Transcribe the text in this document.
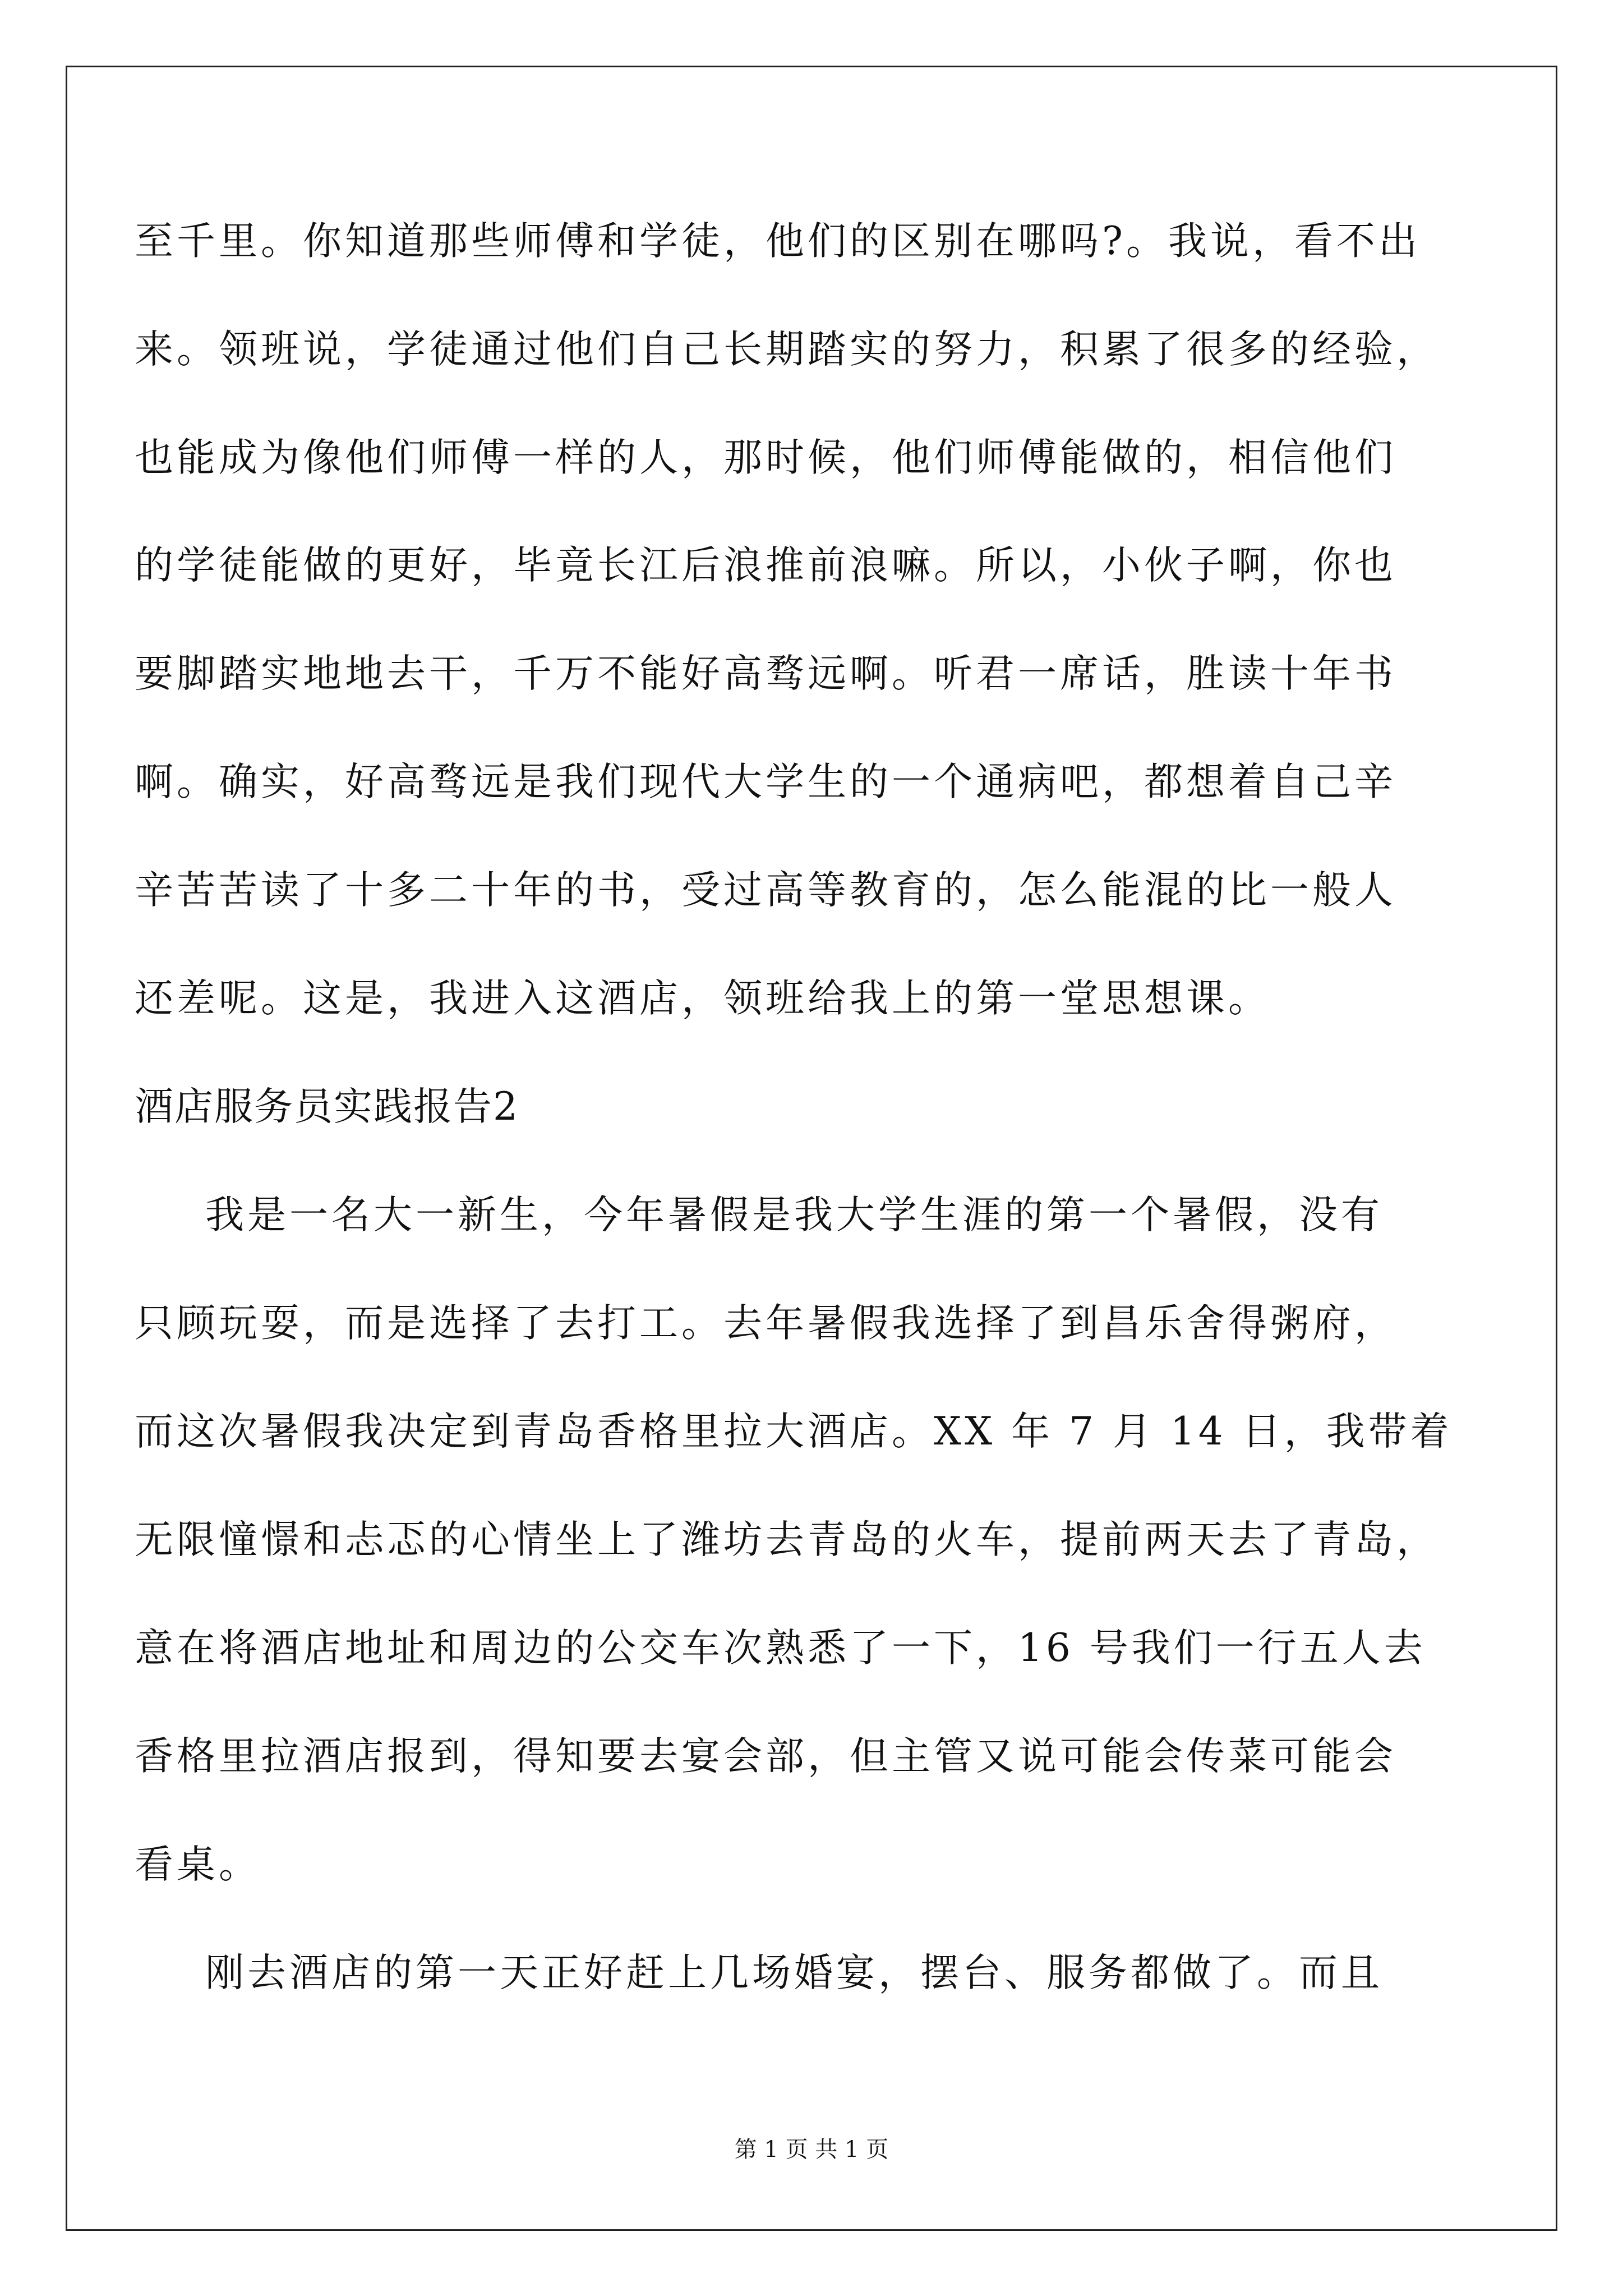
至千里。你知道那些师傅和学徒，他们的区别在哪吗?。我说，看不出
来。领班说，学徒通过他们自己长期踏实的努力，积累了很多的经验，
也能成为像他们师傅一样的人，那时候，他们师傅能做的，相信他们
的学徒能做的更好，毕竟长江后浪推前浪嘛。所以，小伙子啊，你也
要脚踏实地地去干，千万不能好高骛远啊。听君一席话，胜读十年书
啊。确实，好高骛远是我们现代大学生的一个通病吧，都想着自己辛
辛苦苦读了十多二十年的书，受过高等教育的，怎么能混的比一般人
还差呢。这是，我进入这酒店，领班给我上的第一堂思想课。
酒店服务员实践报告2
我是一名大一新生，今年暑假是我大学生涯的第一个暑假，没有
只顾玩耍，而是选择了去打工。去年暑假我选择了到昌乐舍得粥府，
而这次暑假我决定到青岛香格里拉大酒店。XX 年 7 月 14 日，我带着
无限憧憬和忐忑的心情坐上了潍坊去青岛的火车，提前两天去了青岛，
意在将酒店地址和周边的公交车次熟悉了一下，16 号我们一行五人去
香格里拉酒店报到，得知要去宴会部，但主管又说可能会传菜可能会
看桌。
刚去酒店的第一天正好赶上几场婚宴，摆台、服务都做了。而且
第 1 页 共 1 页
